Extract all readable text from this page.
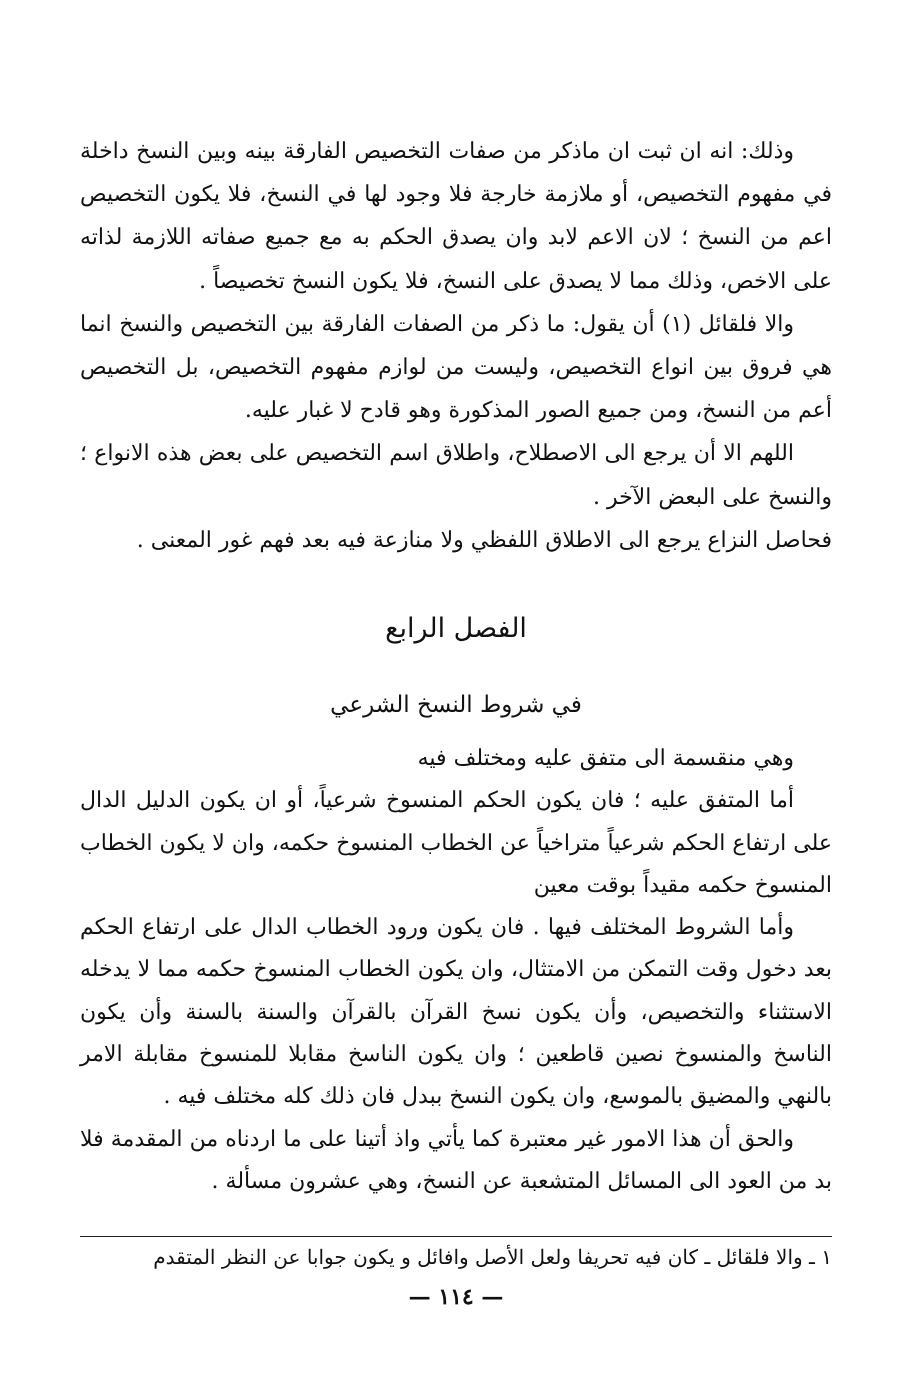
وذلك: انه ان ثبت ان ماذكر من صفات التخصيص الفارقة بينه وبين النسخ داخلة في مفهوم التخصيص، أو ملازمة خارجة فلا وجود لها في النسخ، فلا يكون التخصيص اعم من النسخ ؛ لان الاعم لابد وان يصدق الحكم به مع جميع صفاته اللازمة لذاته على الاخص، وذلك مما لا يصدق على النسخ، فلا يكون النسخ تخصيصاً .

والا فلقائل (١) أن يقول: ما ذكر من الصفات الفارقة بين التخصيص والنسخ انما هي فروق بين انواع التخصيص، وليست من لوازم مفهوم التخصيص، بل التخصيص أعم من النسخ، ومن جميع الصور المذكورة وهو قادح لا غبار عليه.

اللهم الا أن يرجع الى الاصطلاح، واطلاق اسم التخصيص على بعض هذه الانواع ؛ والنسخ على البعض الآخر .

فحاصل النزاع يرجع الى الاطلاق اللفظي ولا منازعة فيه بعد فهم غور المعنى .

الفصل الرابع
في شروط النسخ الشرعي

وهي منقسمة الى متفق عليه ومختلف فيه

أما المتفق عليه ؛ فان يكون الحكم المنسوخ شرعياً، أو ان يكون الدليل الدال على ارتفاع الحكم شرعياً متراخياً عن الخطاب المنسوخ حكمه، وان لا يكون الخطاب المنسوخ حكمه مقيداً بوقت معين

وأما الشروط المختلف فيها . فان يكون ورود الخطاب الدال على ارتفاع الحكم بعد دخول وقت التمكن من الامتثال، وان يكون الخطاب المنسوخ حكمه مما لا يدخله الاستثناء والتخصيص، وأن يكون نسخ القرآن بالقرآن والسنة بالسنة وأن يكون الناسخ والمنسوخ نصين قاطعين ؛ وان يكون الناسخ مقابلا للمنسوخ مقابلة الامر بالنهي والمضيق بالموسع، وان يكون النسخ ببدل فان ذلك كله مختلف فيه .

والحق أن هذا الامور غير معتبرة كما يأتي واذ أتينا على ما اردناه من المقدمة فلا بد من العود الى المسائل المتشعبة عن النسخ، وهي عشرون مسألة .

١ ـ والا فلقائل ـ كان فيه تحريفا ولعل الأصل وافائل و يكون جوابا عن النظر المتقدم
— ١١٤ —
